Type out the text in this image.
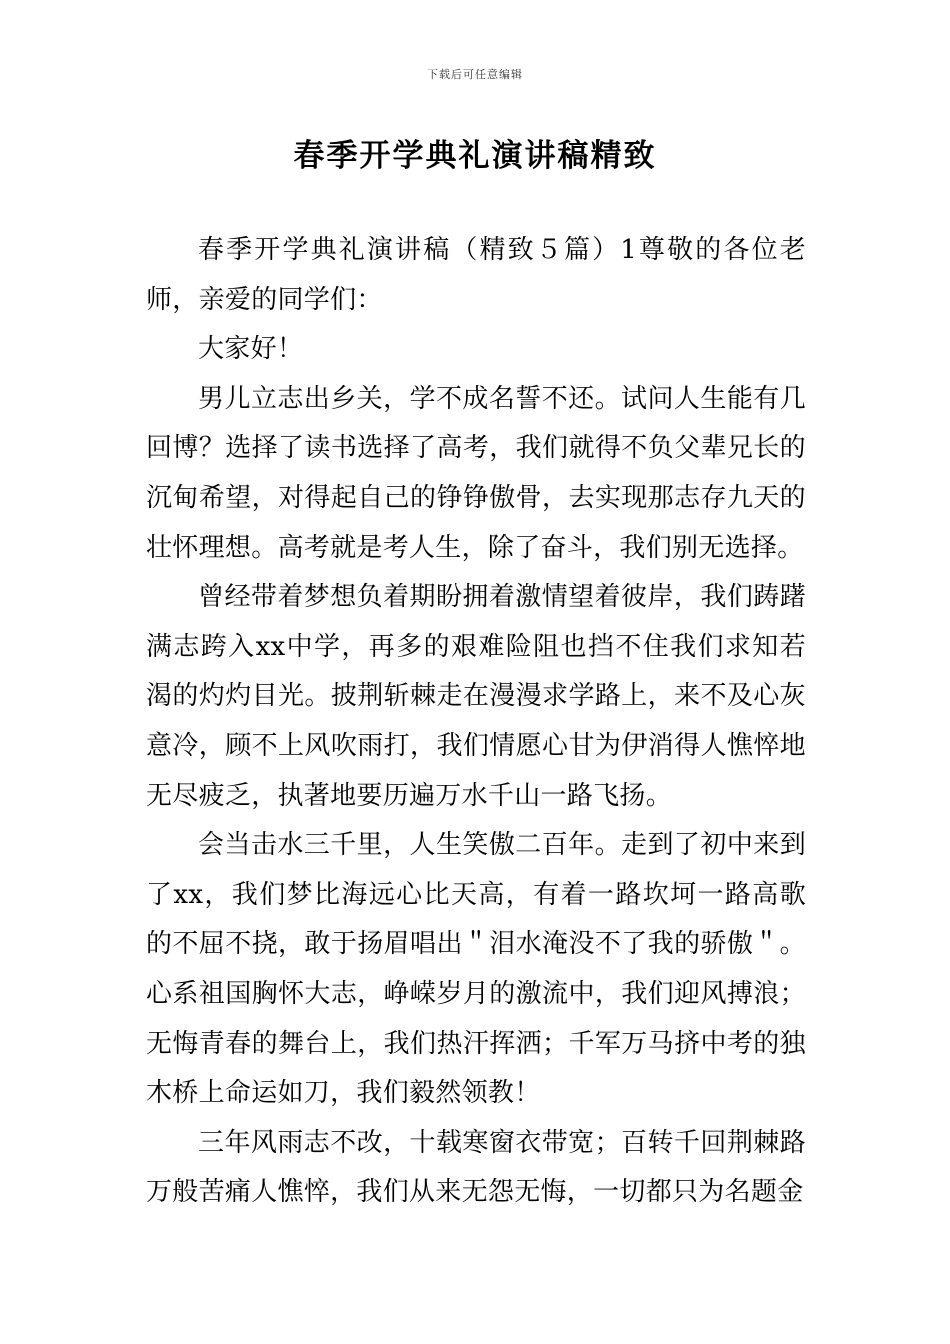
下载后可任意编辑
春季开学典礼演讲稿精致

春季开学典礼演讲稿（精致５篇）1尊敬的各位老师，亲爱的同学们：

大家好！

男儿立志出乡关，学不成名誓不还。试问人生能有几回博？选择了读书选择了高考，我们就得不负父辈兄长的沉甸希望，对得起自己的铮铮傲骨，去实现那志存九天的壮怀理想。高考就是考人生，除了奋斗，我们别无选择。

曾经带着梦想负着期盼拥着激情望着彼岸，我们踌躇满志跨入xx中学，再多的艰难险阻也挡不住我们求知若渴的灼灼目光。披荆斩棘走在漫漫求学路上，来不及心灰意冷，顾不上风吹雨打，我们情愿心甘为伊消得人憔悴地无尽疲乏，执著地要历遍万水千山一路飞扬。

会当击水三千里，人生笑傲二百年。走到了初中来到了xx，我们梦比海远心比天高，有着一路坎坷一路高歌的不屈不挠，敢于扬眉唱出＂泪水淹没不了我的骄傲＂。心系祖国胸怀大志，峥嵘岁月的激流中，我们迎风搏浪；无悔青春的舞台上，我们热汗挥洒；千军万马挤中考的独木桥上命运如刀，我们毅然领教！

三年风雨志不改，十载寒窗衣带宽；百转千回荆棘路万般苦痛人憔悴，我们从来无怨无悔，一切都只为名题金
